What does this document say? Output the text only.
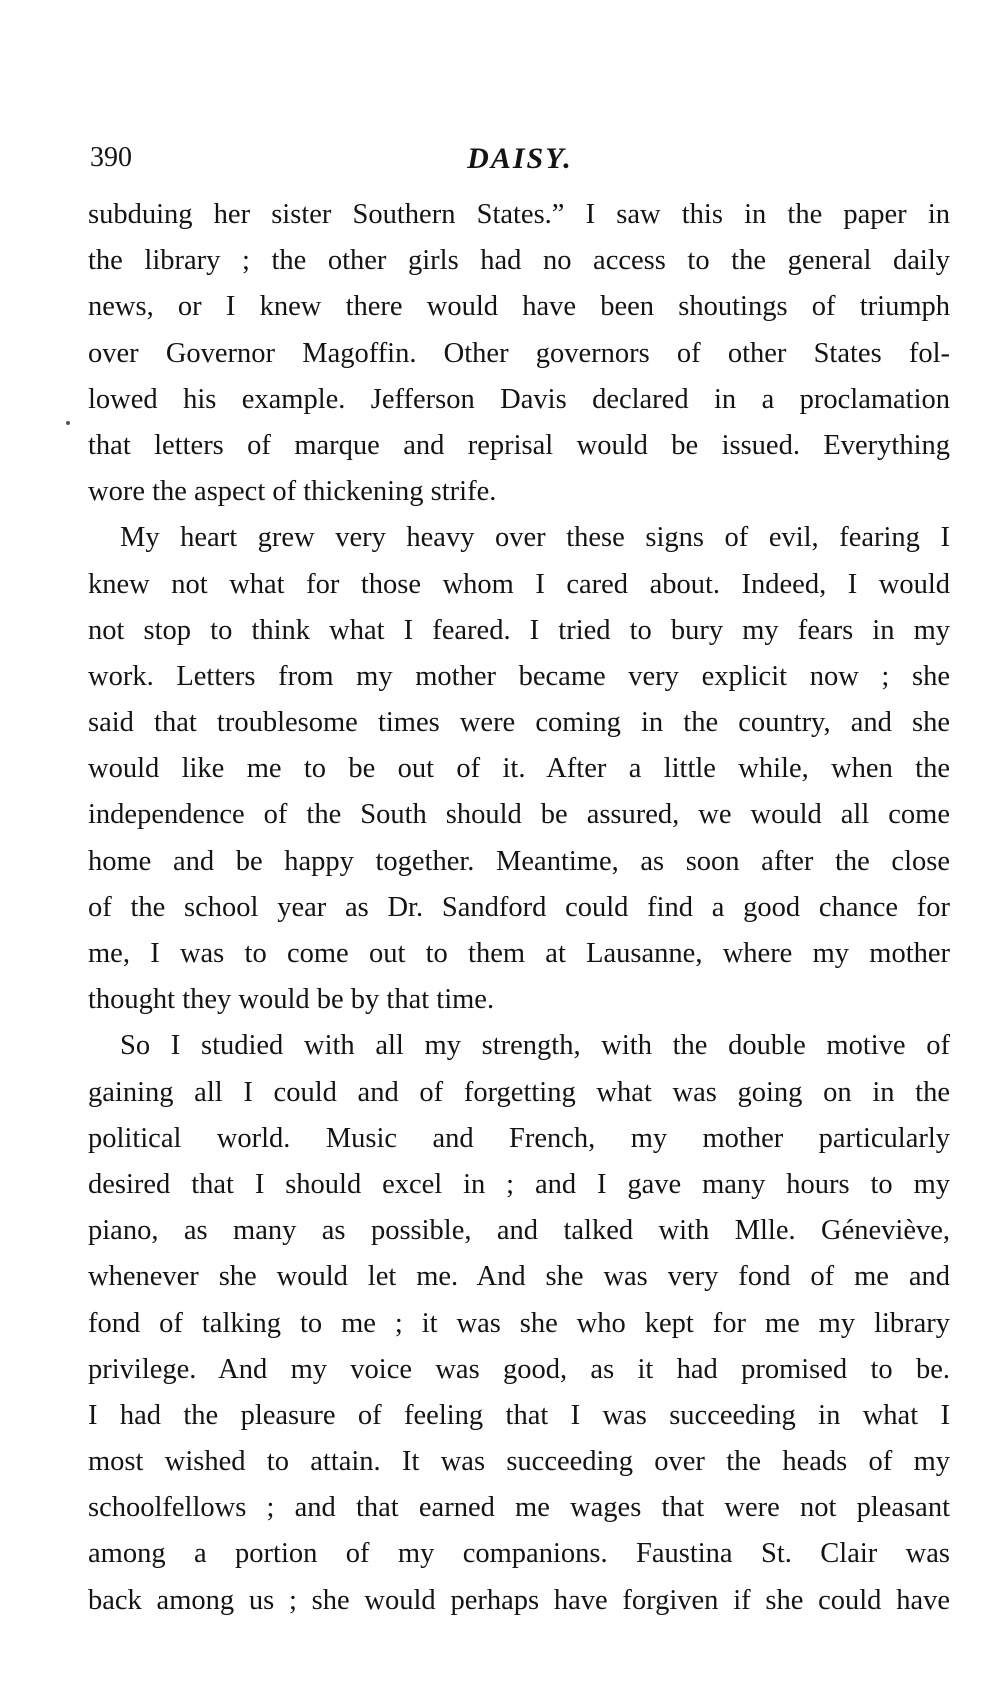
390	DAISY.
subduing her sister Southern States.” I saw this in the paper in
the library ; the other girls had no access to the general daily
news, or I knew there would have been shoutings of triumph
over Governor Magoffin. Other governors of other States fol-
lowed his example. Jefferson Davis declared in a proclamation
that letters of marque and reprisal would be issued. Everything
wore the aspect of thickening strife.
My heart grew very heavy over these signs of evil, fearing I
knew not what for those whom I cared about. Indeed, I would
not stop to think what I feared. I tried to bury my fears in my
work. Letters from my mother became very explicit now ; she
said that troublesome times were coming in the country, and she
would like me to be out of it. After a little while, when the
independence of the South should be assured, we would all come
home and be happy together. Meantime, as soon after the close
of the school year as Dr. Sandford could find a good chance for
me, I was to come out to them at Lausanne, where my mother
thought they would be by that time.
So I studied with all my strength, with the double motive of
gaining all I could and of forgetting what was going on in the
political world. Music and French, my mother particularly
desired that I should excel in ; and I gave many hours to my
piano, as many as possible, and talked with Mlle. Géneviève,
whenever she would let me. And she was very fond of me and
fond of talking to me ; it was she who kept for me my library
privilege. And my voice was good, as it had promised to be.
I had the pleasure of feeling that I was succeeding in what I
most wished to attain. It was succeeding over the heads of my
schoolfellows ; and that earned me wages that were not pleasant
among a portion of my companions. Faustina St. Clair was
back among us ; she would perhaps have forgiven if she could have
